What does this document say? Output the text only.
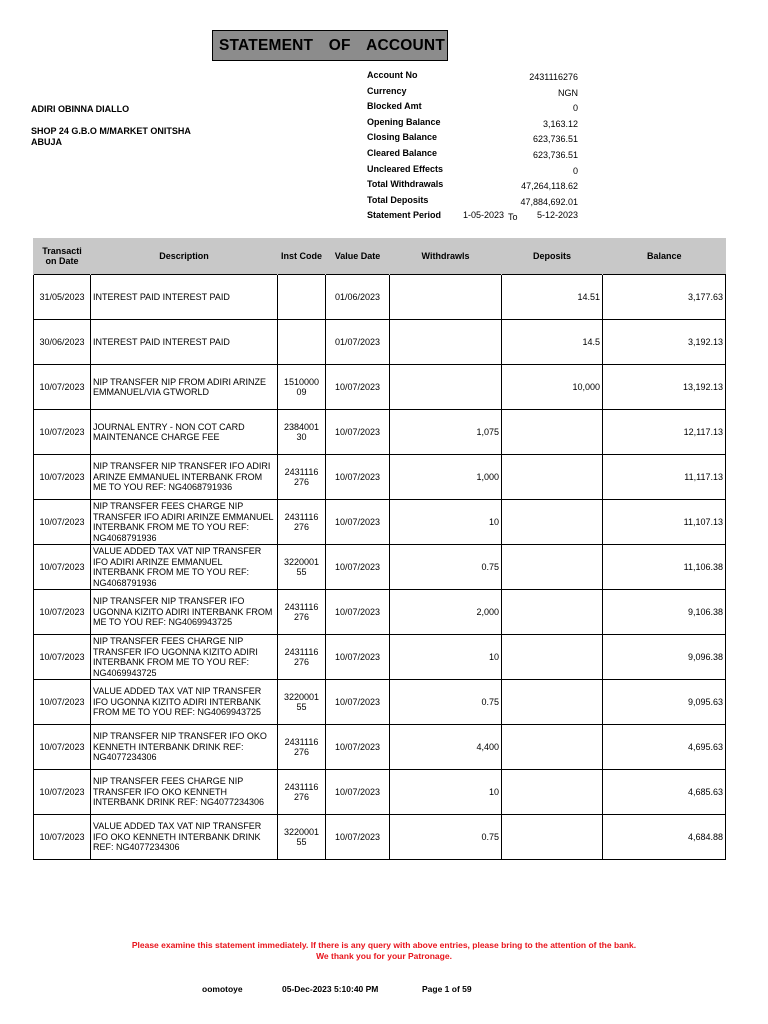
STATEMENT OF ACCOUNT
ADIRI OBINNA DIALLO
SHOP 24 G.B.O M/MARKET ONITSHA
ABUJA
Account No	2431116276
Currency	NGN
Blocked Amt	0
Opening Balance	3,163.12
Closing Balance	623,736.51
Cleared Balance	623,736.51
Uncleared Effects	0
Total Withdrawals	47,264,118.62
Total Deposits	47,884,692.01
Statement Period 1-05-2023 To 5-12-2023
Transacti on Date	Description	Inst Code	Value Date	Withdrawls	Deposits	Balance
31/05/2023	INTEREST PAID INTEREST PAID		01/06/2023		14.51	3,177.63
30/06/2023	INTEREST PAID INTEREST PAID		01/07/2023		14.5	3,192.13
10/07/2023	NIP TRANSFER NIP FROM ADIRI ARINZE EMMANUEL/VIA GTWORLD	1510000 09	10/07/2023		10,000	13,192.13
10/07/2023	JOURNAL ENTRY - NON COT CARD MAINTENANCE CHARGE FEE	2384001 30	10/07/2023	1,075		12,117.13
10/07/2023	NIP TRANSFER NIP TRANSFER IFO ADIRI ARINZE EMMANUEL INTERBANK FROM ME TO YOU REF: NG4068791936	2431116 276	10/07/2023	1,000		11,117.13
10/07/2023	NIP TRANSFER FEES CHARGE NIP TRANSFER IFO ADIRI ARINZE EMMANUEL INTERBANK FROM ME TO YOU REF: NG4068791936	2431116 276	10/07/2023	10		11,107.13
10/07/2023	VALUE ADDED TAX VAT NIP TRANSFER IFO ADIRI ARINZE EMMANUEL INTERBANK FROM ME TO YOU REF: NG4068791936	3220001 55	10/07/2023	0.75		11,106.38
10/07/2023	NIP TRANSFER NIP TRANSFER IFO UGONNA KIZITO ADIRI INTERBANK FROM ME TO YOU REF: NG4069943725	2431116 276	10/07/2023	2,000		9,106.38
10/07/2023	NIP TRANSFER FEES CHARGE NIP TRANSFER IFO UGONNA KIZITO ADIRI INTERBANK FROM ME TO YOU REF: NG4069943725	2431116 276	10/07/2023	10		9,096.38
10/07/2023	VALUE ADDED TAX VAT NIP TRANSFER IFO UGONNA KIZITO ADIRI INTERBANK FROM ME TO YOU REF: NG4069943725	3220001 55	10/07/2023	0.75		9,095.63
10/07/2023	NIP TRANSFER NIP TRANSFER IFO OKO KENNETH INTERBANK DRINK REF: NG4077234306	2431116 276	10/07/2023	4,400		4,695.63
10/07/2023	NIP TRANSFER FEES CHARGE NIP TRANSFER IFO OKO KENNETH INTERBANK DRINK REF: NG4077234306	2431116 276	10/07/2023	10		4,685.63
10/07/2023	VALUE ADDED TAX VAT NIP TRANSFER IFO OKO KENNETH INTERBANK DRINK REF: NG4077234306	3220001 55	10/07/2023	0.75		4,684.88
Please examine this statement immediately. If there is any query with above entries, please bring to the attention of the bank.
We thank you for your Patronage.
oomotoye	05-Dec-2023 5:10:40 PM	Page 1 of 59
